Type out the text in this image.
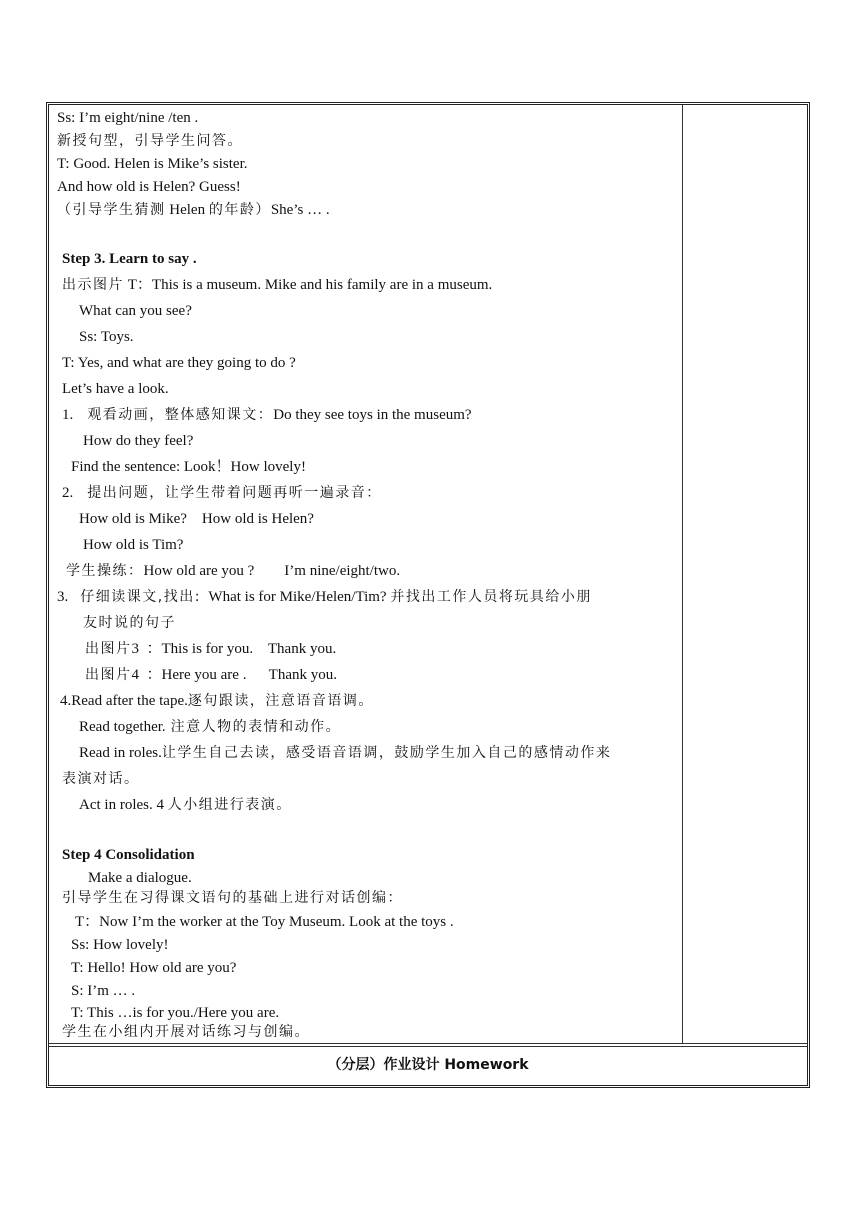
Ss: I’m eight/nine /ten .
新授句型，引导学生问答。
T: Good. Helen is Mike’s sister.
And how old is Helen? Guess!
（引导学生猜测 Helen 的年龄）She’s … .
Step 3. Learn to say .
出示图片 T：This is a museum. Mike and his family are in a museum.
What can you see?
Ss: Toys.
T: Yes, and what are they going to do ?
Let’s have a look.
1. 观看动画，整体感知课文：Do they see toys in the museum?
How do they feel?
Find the sentence: Look！How lovely!
2. 提出问题，让学生带着问题再听一遍录音：
How old is Mike?    How old is Helen?
How old is Tim?
学生操练：How old are you ?        I’m nine/eight/two.
3. 仔细读课文,找出:  What is for Mike/Helen/Tim? 并找出工作人员将玩具给小朋
友时说的句子
出图片3  ：This is for you.    Thank you.
出图片4  ：Here you are .      Thank you.
4.Read after the tape.逐句跟读，注意语音语调。
Read together. 注意人物的表情和动作。
Read in roles.让学生自己去读，感受语音语调，鼓励学生加入自己的感情动作来
表演对话。
Act in roles. 4 人小组进行表演。
Step 4 Consolidation
Make a dialogue.
引导学生在习得课文语句的基础上进行对话创编：
T：Now I’m the worker at the Toy Museum. Look at the toys .
Ss: How lovely!
T: Hello! How old are you?
S: I’m … .
T: This …is for you./Here you are.
学生在小组内开展对话练习与创编。
（分层）作业设计 Homework
